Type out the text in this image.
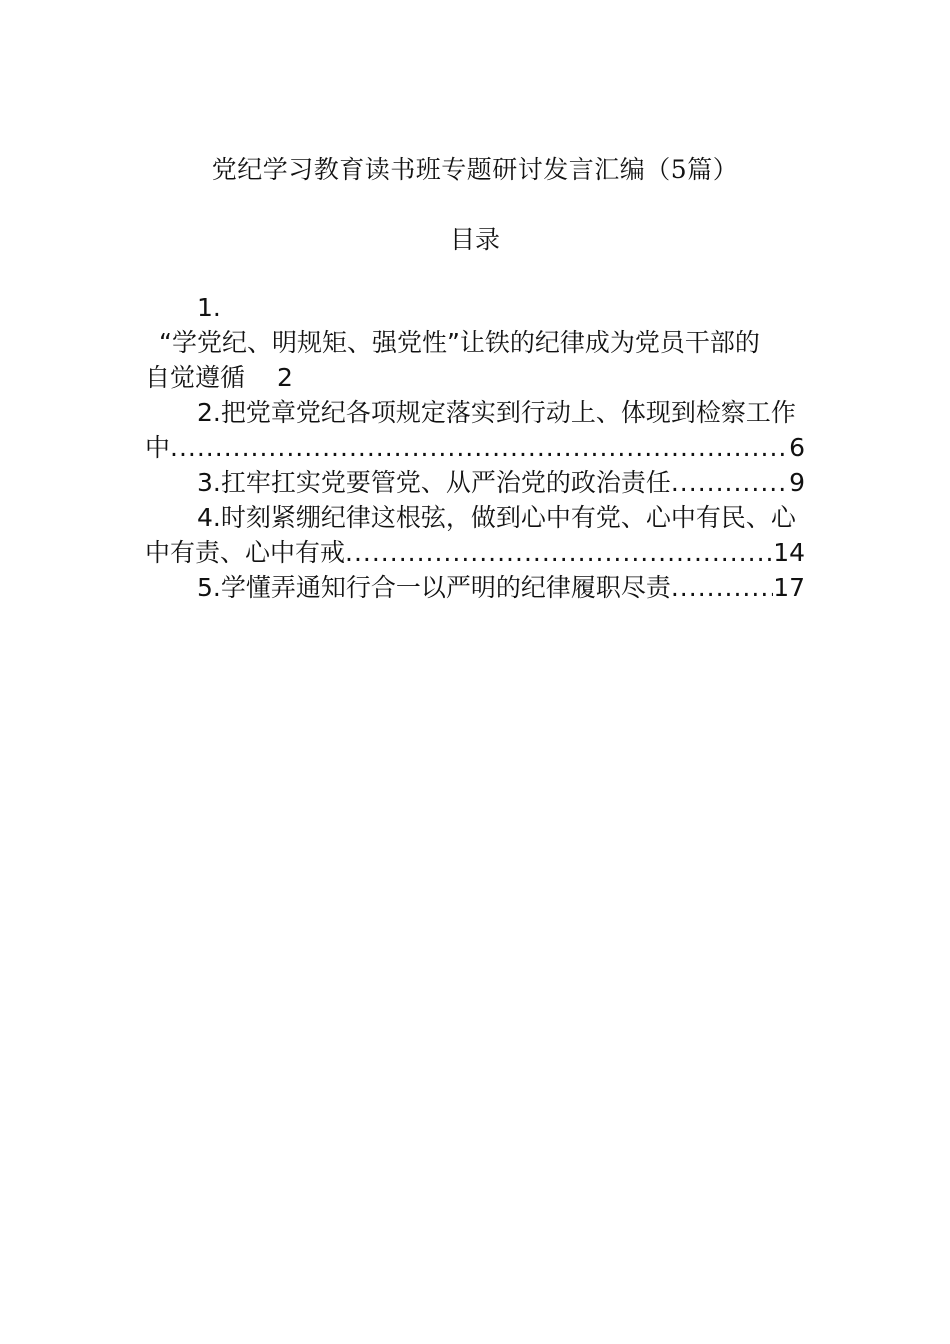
党纪学习教育读书班专题研讨发言汇编（5篇）
目录
1.
“学党纪、明规矩、强党性”让铁的纪律成为党员干部的
自觉遵循 2
2.把党章党纪各项规定落实到行动上、体现到检察工作
中 .....	6
3.扛牢扛实党要管党、从严治党的政治责任 .....	9
4.时刻紧绷纪律这根弦，做到心中有党、心中有民、心
中有责、心中有戒 .....	14
5.学懂弄通知行合一以严明的纪律履职尽责 .....	17
